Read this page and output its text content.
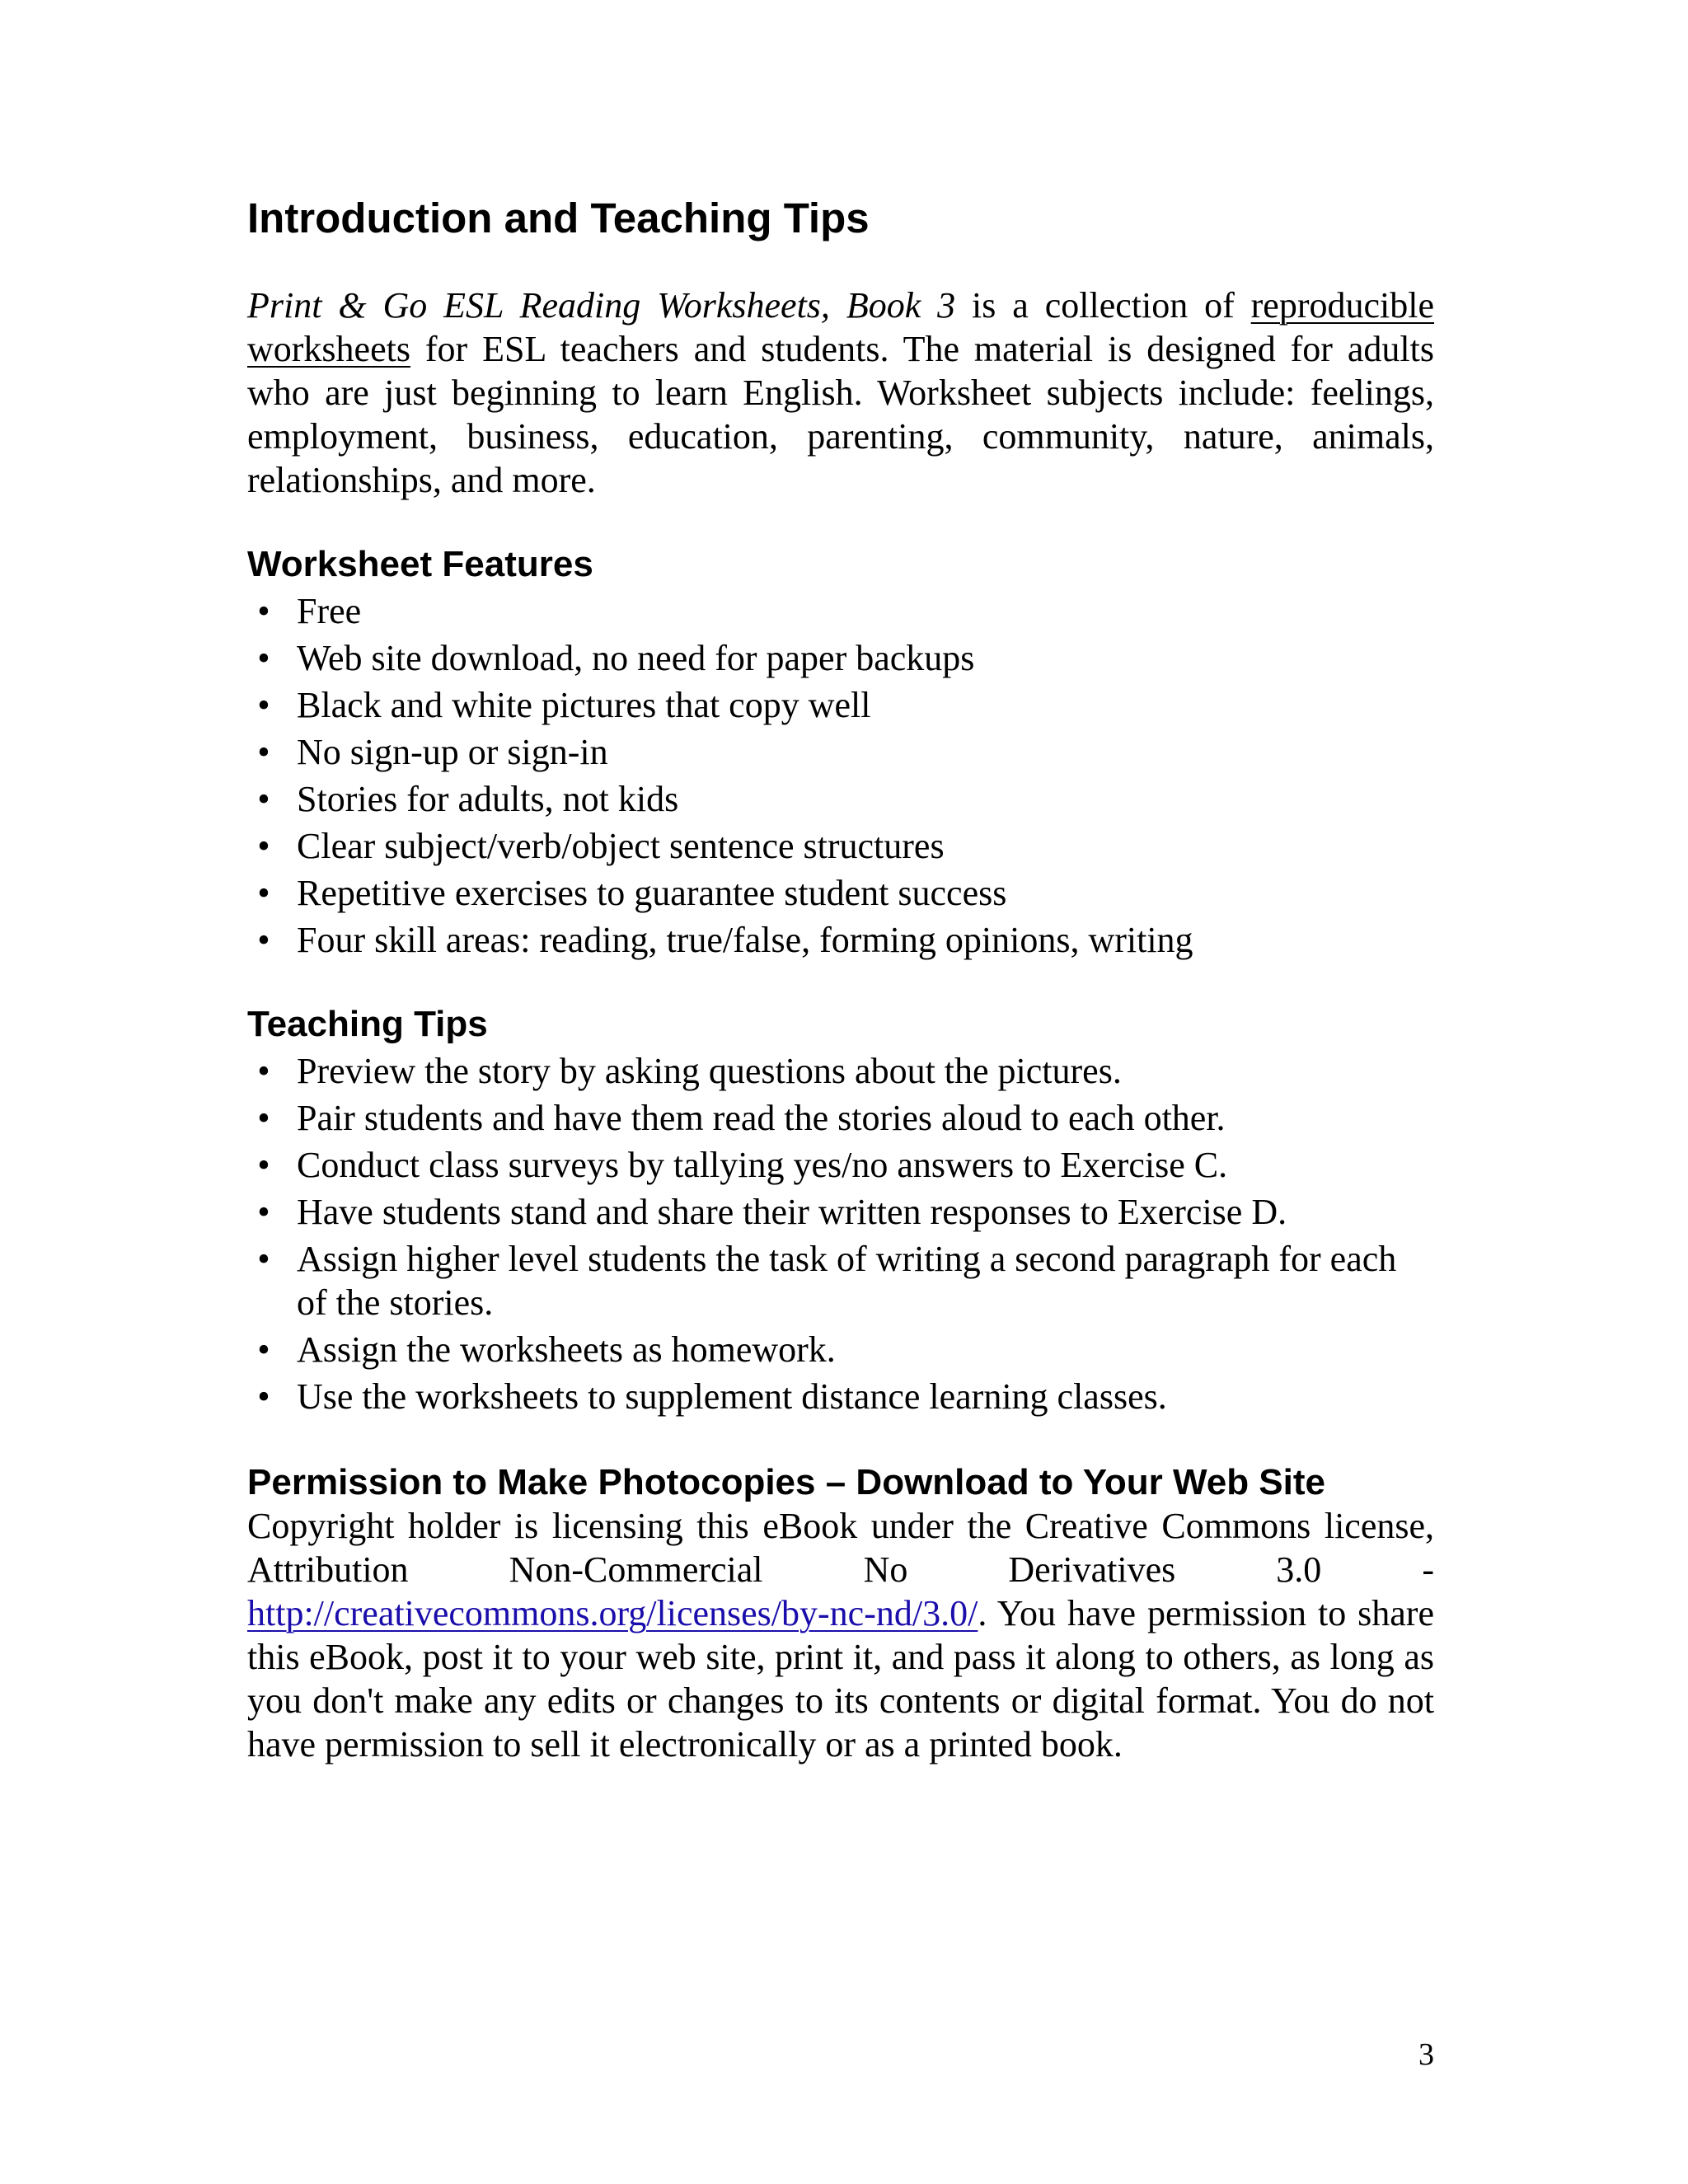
Introduction and Teaching Tips

Print & Go ESL Reading Worksheets, Book 3 is a collection of reproducible worksheets for ESL teachers and students. The material is designed for adults who are just beginning to learn English. Worksheet subjects include: feelings, employment, business, education, parenting, community, nature, animals, relationships, and more.

Worksheet Features
• Free
• Web site download, no need for paper backups
• Black and white pictures that copy well
• No sign-up or sign-in
• Stories for adults, not kids
• Clear subject/verb/object sentence structures
• Repetitive exercises to guarantee student success
• Four skill areas: reading, true/false, forming opinions, writing
Teaching Tips
• Preview the story by asking questions about the pictures.
• Pair students and have them read the stories aloud to each other.
• Conduct class surveys by tallying yes/no answers to Exercise C.
• Have students stand and share their written responses to Exercise D.
• Assign higher level students the task of writing a second paragraph for each of the stories.
• Assign the worksheets as homework.
• Use the worksheets to supplement distance learning classes.
Permission to Make Photocopies – Download to Your Web Site

Copyright holder is licensing this eBook under the Creative Commons license, Attribution Non-Commercial No Derivatives 3.0 - http://creativecommons.org/licenses/by-nc-nd/3.0/. You have permission to share this eBook, post it to your web site, print it, and pass it along to others, as long as you don't make any edits or changes to its contents or digital format. You do not have permission to sell it electronically or as a printed book.

3
